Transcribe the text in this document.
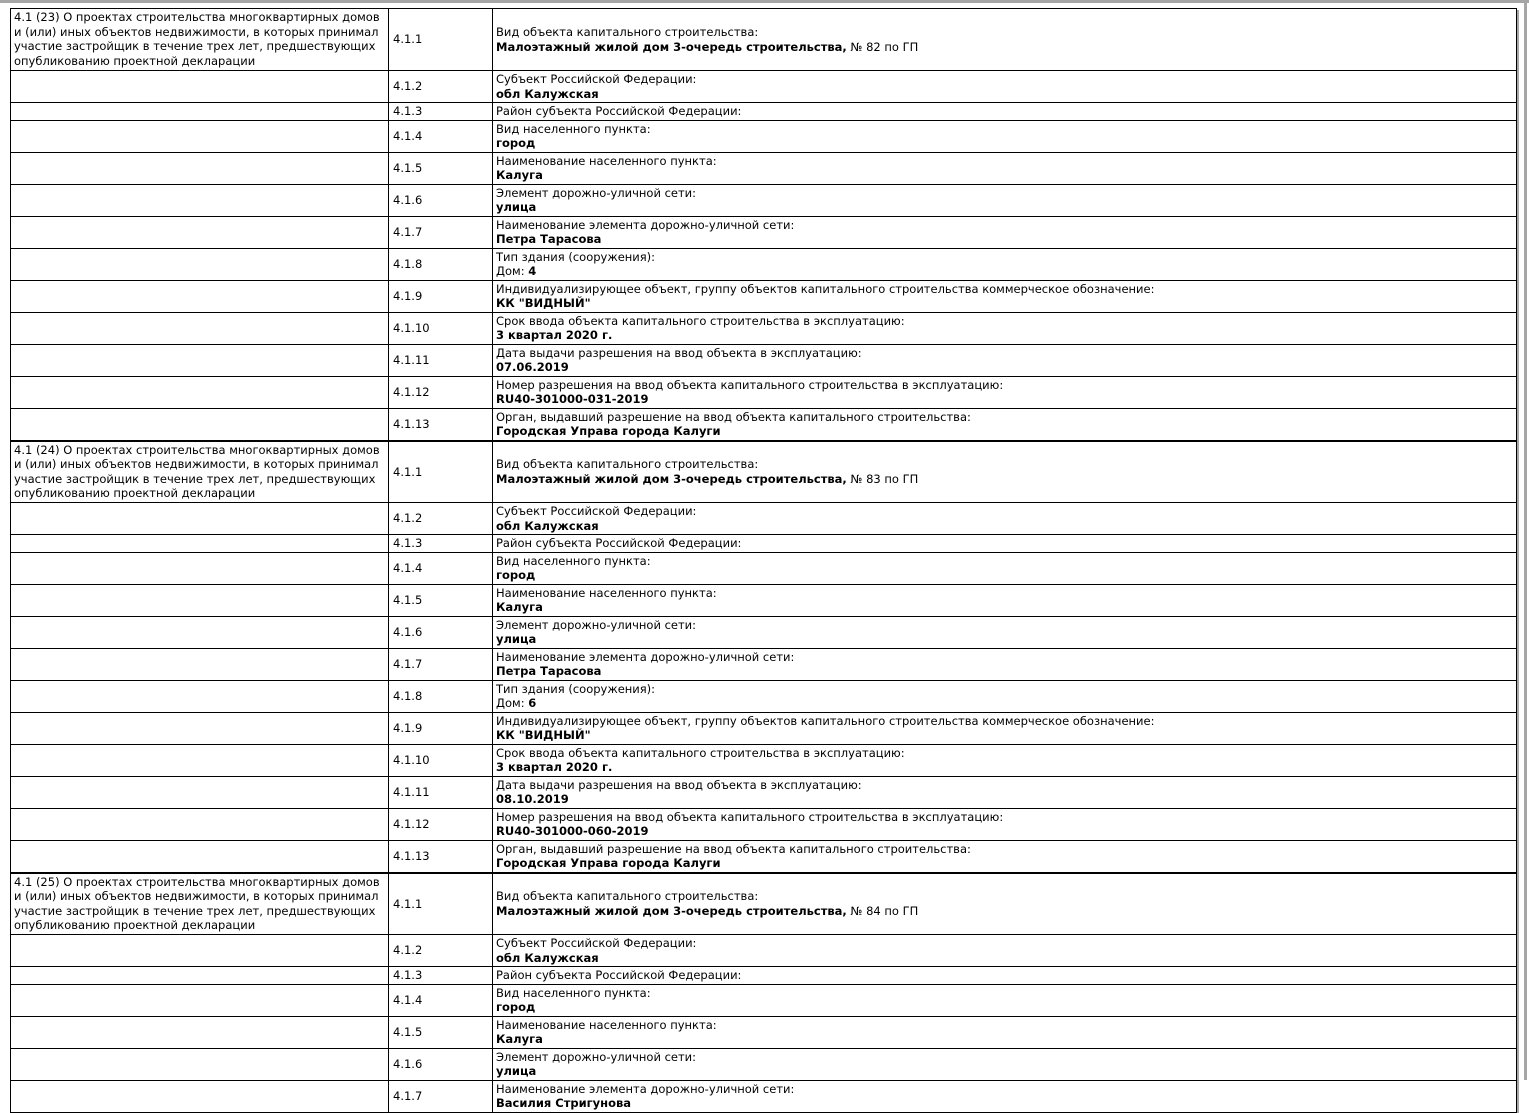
4.1 (23) О проектах строительства многоквартирных домов и (или) иных объектов недвижимости, в которых принимал участие застройщик в течение трех лет, предшествующих опубликованию проектной декларации	4.1.1	Вид объекта капитального строительства:
Малоэтажный жилой дом 3-очередь строительства, № 82 по ГП

	4.1.2	Субъект Российской Федерации:
обл Калужская

	4.1.3	Район субъекта Российской Федерации:

	4.1.4	Вид населенного пункта:
город

	4.1.5	Наименование населенного пункта:
Калуга

	4.1.6	Элемент дорожно-уличной сети:
улица

	4.1.7	Наименование элемента дорожно-уличной сети:
Петра Тарасова

	4.1.8	Тип здания (сооружения):
Дом: 4

	4.1.9	Индивидуализирующее объект, группу объектов капитального строительства коммерческое обозначение:
КК "ВИДНЫЙ"

	4.1.10	Срок ввода объекта капитального строительства в эксплуатацию:
3 квартал 2020 г.

	4.1.11	Дата выдачи разрешения на ввод объекта в эксплуатацию:
07.06.2019

	4.1.12	Номер разрешения на ввод объекта капитального строительства в эксплуатацию:
RU40-301000-031-2019

	4.1.13	Орган, выдавший разрешение на ввод объекта капитального строительства:
Городская Управа города Калуги

4.1 (24) О проектах строительства многоквартирных домов и (или) иных объектов недвижимости, в которых принимал участие застройщик в течение трех лет, предшествующих опубликованию проектной декларации	4.1.1	Вид объекта капитального строительства:
Малоэтажный жилой дом 3-очередь строительства, № 83 по ГП

	4.1.2	Субъект Российской Федерации:
обл Калужская

	4.1.3	Район субъекта Российской Федерации:

	4.1.4	Вид населенного пункта:
город

	4.1.5	Наименование населенного пункта:
Калуга

	4.1.6	Элемент дорожно-уличной сети:
улица

	4.1.7	Наименование элемента дорожно-уличной сети:
Петра Тарасова

	4.1.8	Тип здания (сооружения):
Дом: 6

	4.1.9	Индивидуализирующее объект, группу объектов капитального строительства коммерческое обозначение:
КК "ВИДНЫЙ"

	4.1.10	Срок ввода объекта капитального строительства в эксплуатацию:
3 квартал 2020 г.

	4.1.11	Дата выдачи разрешения на ввод объекта в эксплуатацию:
08.10.2019

	4.1.12	Номер разрешения на ввод объекта капитального строительства в эксплуатацию:
RU40-301000-060-2019

	4.1.13	Орган, выдавший разрешение на ввод объекта капитального строительства:
Городская Управа города Калуги

4.1 (25) О проектах строительства многоквартирных домов и (или) иных объектов недвижимости, в которых принимал участие застройщик в течение трех лет, предшествующих опубликованию проектной декларации	4.1.1	Вид объекта капитального строительства:
Малоэтажный жилой дом 3-очередь строительства, № 84 по ГП

	4.1.2	Субъект Российской Федерации:
обл Калужская

	4.1.3	Район субъекта Российской Федерации:

	4.1.4	Вид населенного пункта:
город

	4.1.5	Наименование населенного пункта:
Калуга

	4.1.6	Элемент дорожно-уличной сети:
улица

	4.1.7	Наименование элемента дорожно-уличной сети:
Василия Стригунова
